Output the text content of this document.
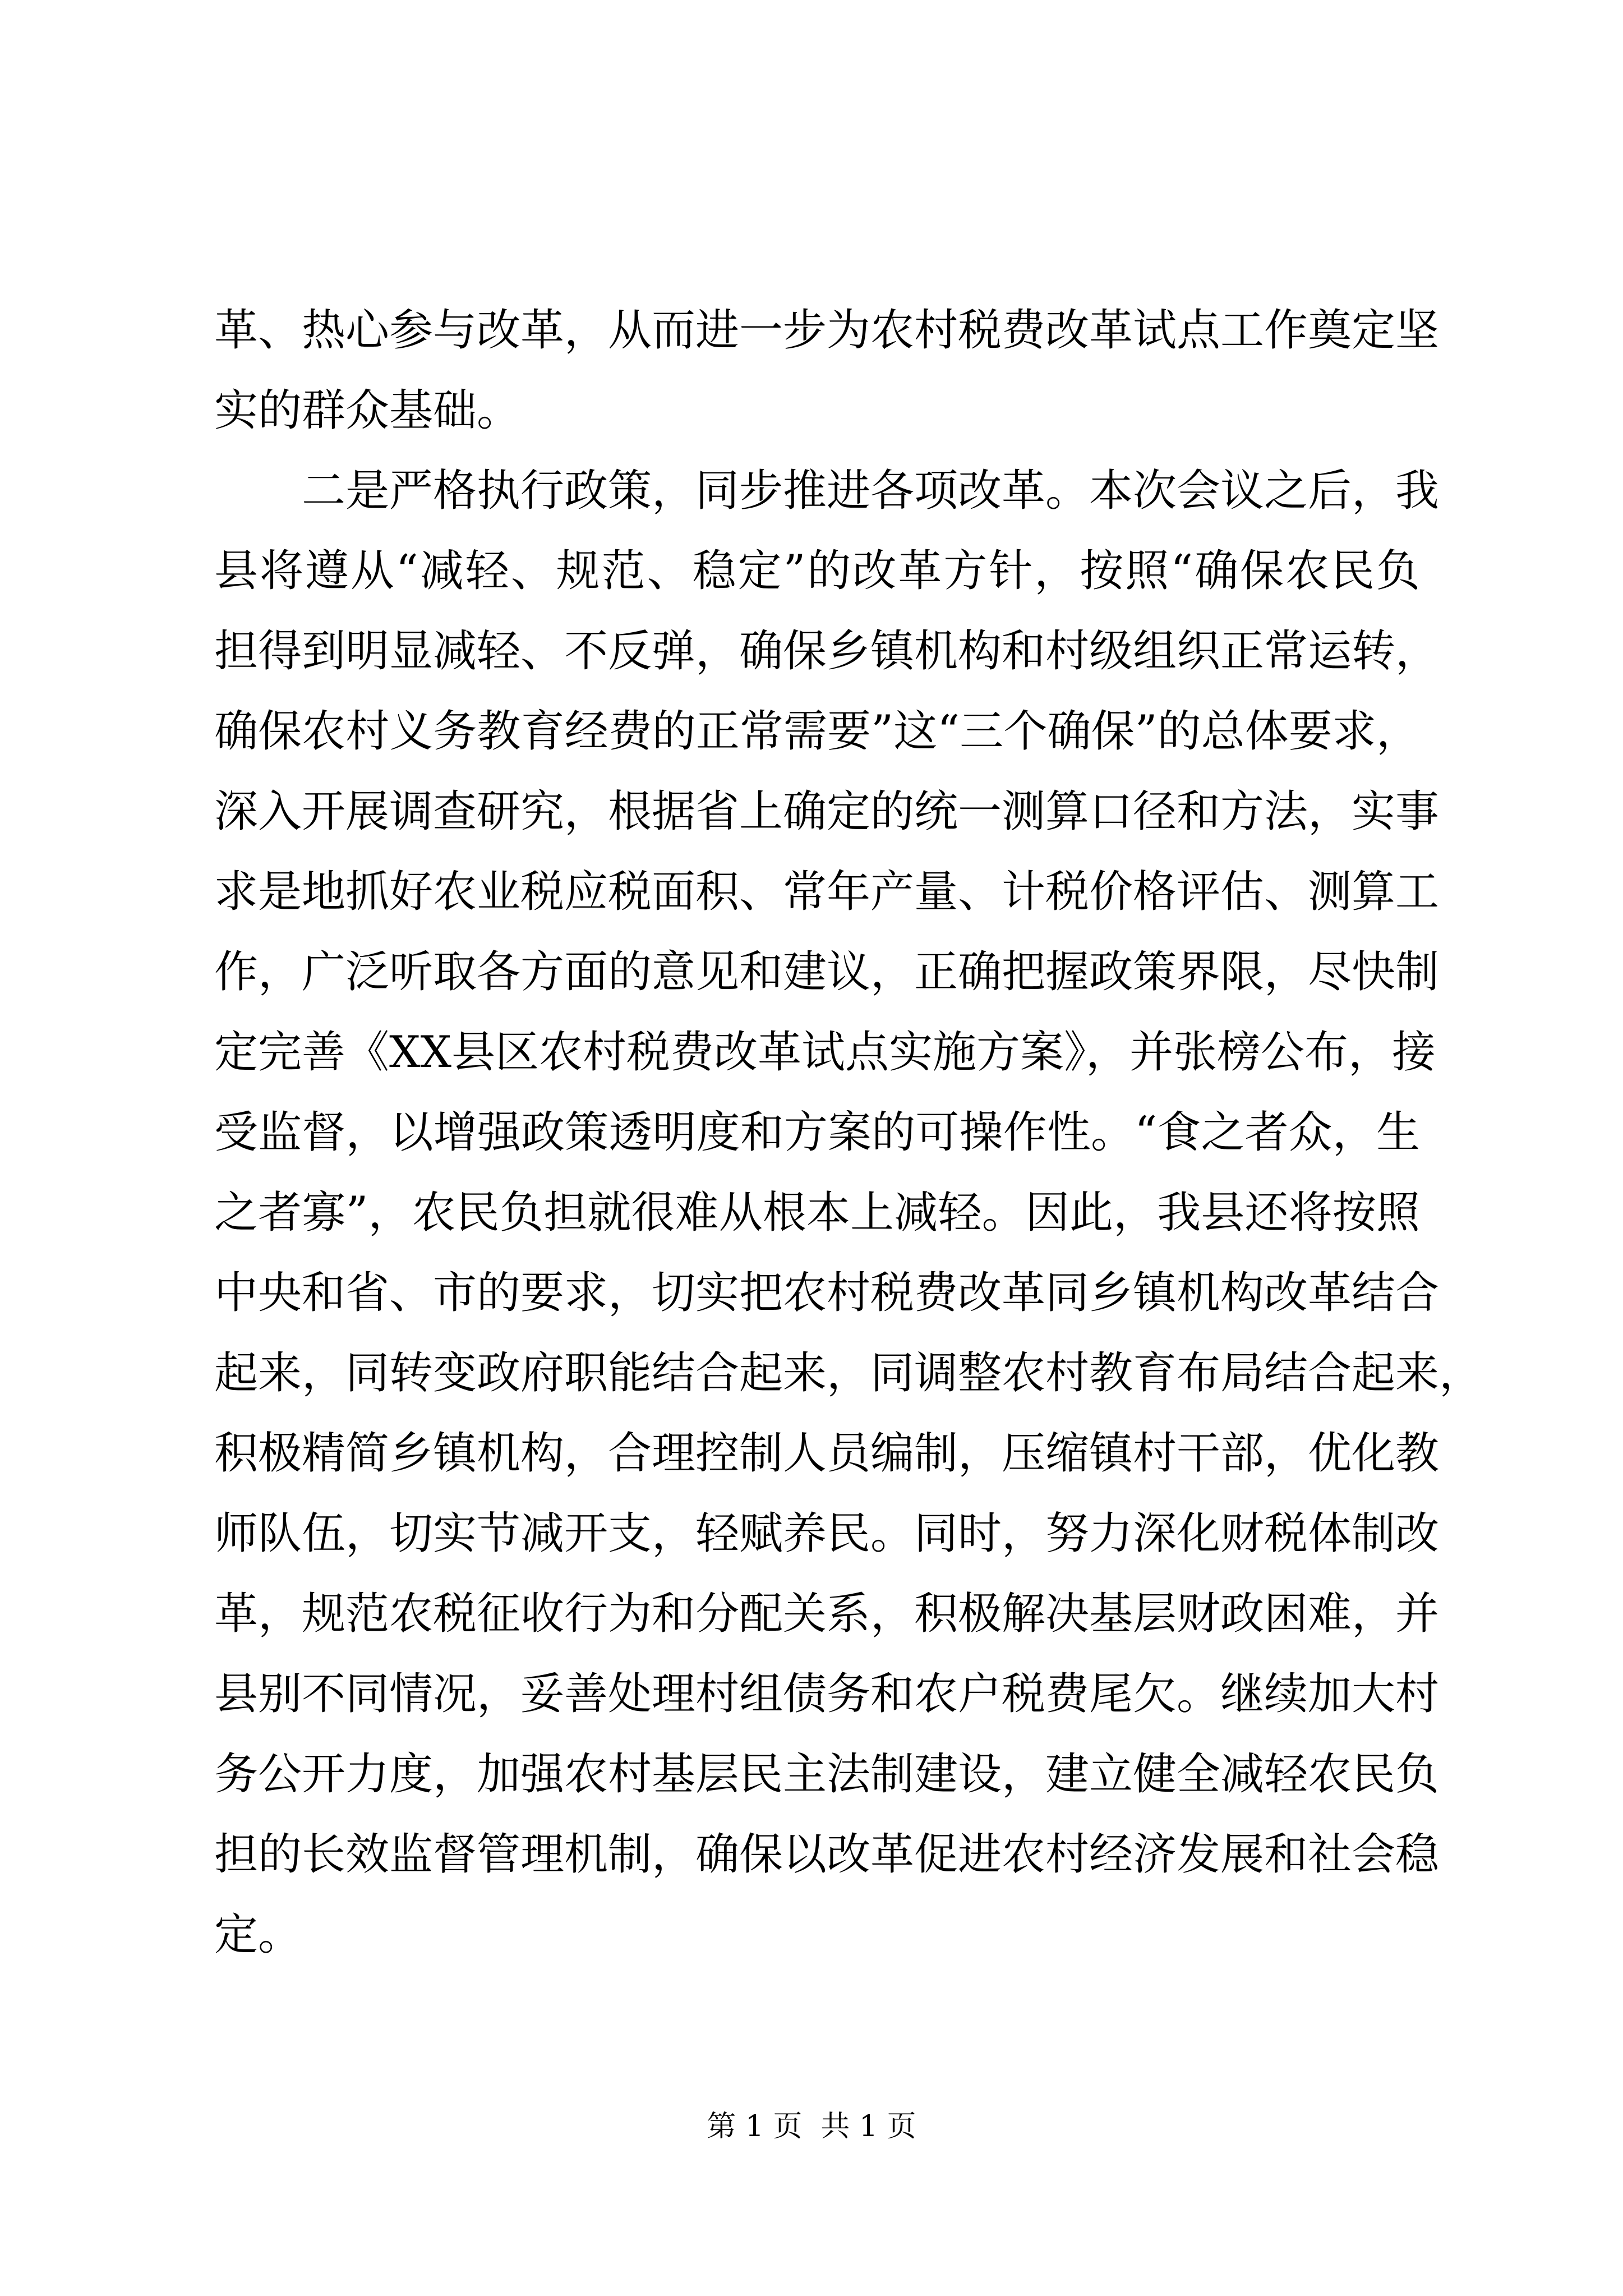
革、热心参与改革，从而进一步为农村税费改革试点工作奠定坚
实的群众基础。
　　二是严格执行政策，同步推进各项改革。本次会议之后，我
县将遵从“减轻、规范、稳定”的改革方针，按照“确保农民负
担得到明显减轻、不反弹，确保乡镇机构和村级组织正常运转，
确保农村义务教育经费的正常需要”这“三个确保”的总体要求，
深入开展调查研究，根据省上确定的统一测算口径和方法，实事
求是地抓好农业税应税面积、常年产量、计税价格评估、测算工
作，广泛听取各方面的意见和建议，正确把握政策界限，尽快制
定完善《XX县区农村税费改革试点实施方案》，并张榜公布，接
受监督，以增强政策透明度和方案的可操作性。“食之者众，生
之者寡”，农民负担就很难从根本上减轻。因此，我县还将按照
中央和省、市的要求，切实把农村税费改革同乡镇机构改革结合
起来，同转变政府职能结合起来，同调整农村教育布局结合起来，
积极精简乡镇机构，合理控制人员编制，压缩镇村干部，优化教
师队伍，切实节减开支，轻赋养民。同时，努力深化财税体制改
革，规范农税征收行为和分配关系，积极解决基层财政困难，并
县别不同情况，妥善处理村组债务和农户税费尾欠。继续加大村
务公开力度，加强农村基层民主法制建设，建立健全减轻农民负
担的长效监督管理机制，确保以改革促进农村经济发展和社会稳
定。
第 1 页  共 1 页
